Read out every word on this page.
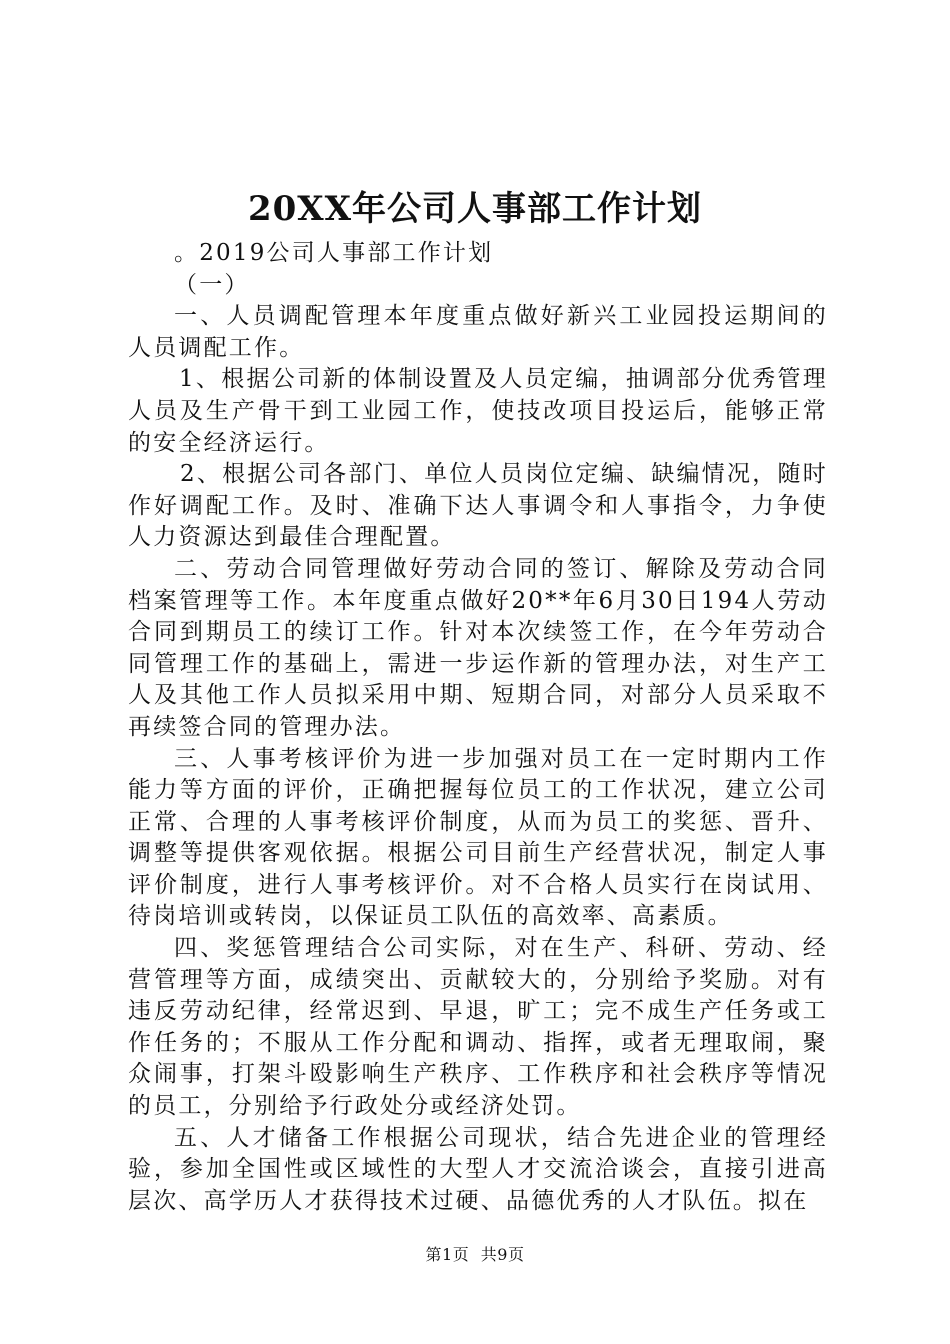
20XX年公司人事部工作计划

。2019公司人事部工作计划

（一）

一、人员调配管理本年度重点做好新兴工业园投运期间的人员调配工作。

1、根据公司新的体制设置及人员定编，抽调部分优秀管理人员及生产骨干到工业园工作，使技改项目投运后，能够正常的安全经济运行。

2、根据公司各部门、单位人员岗位定编、缺编情况，随时作好调配工作。及时、准确下达人事调令和人事指令，力争使人力资源达到最佳合理配置。

二、劳动合同管理做好劳动合同的签订、解除及劳动合同档案管理等工作。本年度重点做好20**年6月30日194人劳动合同到期员工的续订工作。针对本次续签工作，在今年劳动合同管理工作的基础上，需进一步运作新的管理办法，对生产工人及其他工作人员拟采用中期、短期合同，对部分人员采取不再续签合同的管理办法。

三、人事考核评价为进一步加强对员工在一定时期内工作能力等方面的评价，正确把握每位员工的工作状况，建立公司正常、合理的人事考核评价制度，从而为员工的奖惩、晋升、调整等提供客观依据。根据公司目前生产经营状况，制定人事评价制度，进行人事考核评价。对不合格人员实行在岗试用、待岗培训或转岗，以保证员工队伍的高效率、高素质。

四、奖惩管理结合公司实际，对在生产、科研、劳动、经营管理等方面，成绩突出、贡献较大的，分别给予奖励。对有违反劳动纪律，经常迟到、早退，旷工；完不成生产任务或工作任务的；不服从工作分配和调动、指挥，或者无理取闹，聚众闹事，打架斗殴影响生产秩序、工作秩序和社会秩序等情况的员工，分别给予行政处分或经济处罚。

五、人才储备工作根据公司现状，结合先进企业的管理经验，参加全国性或区域性的大型人才交流洽谈会，直接引进高层次、高学历人才获得技术过硬、品德优秀的人才队伍。拟在

第1页 共9页
